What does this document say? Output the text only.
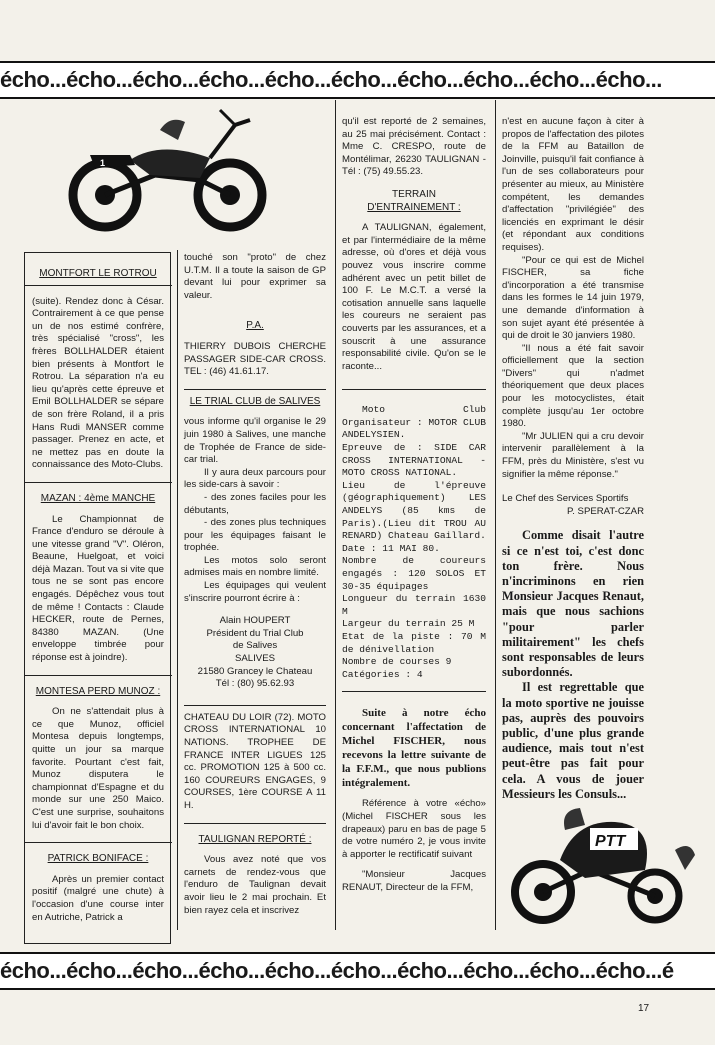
écho...écho...écho...écho...écho...écho...écho...écho...écho...écho...
1
MONTFORT LE ROTROU

(suite). Rendez donc à César. Contrairement à ce que pense un de nos estimé confrère, très spécialisé "cross", les frères BOLLHALDER étaient bien présents à Montfort le Rotrou. La séparation n'a eu lieu qu'après cette épreuve et Emil BOLLHALDER se sépare de son frère Roland, il a pris Hans Rudi MANSER comme passager. Prenez en acte, et ne mettez pas en doute la connaissance des Moto-Clubs.

MAZAN : 4ème MANCHE

Le Championnat de France d'enduro se déroule à une vitesse grand "V". Oléron, Beaune, Huelgoat, et voici déjà Mazan. Tout va si vite que tous ne se sont pas encore engagés. Dépêchez vous tout de même ! Contacts : Claude HECKER, route de Pernes, 84380 MAZAN. (Une enveloppe timbrée pour réponse est à joindre).

MONTESA PERD MUNOZ :

On ne s'attendait plus à ce que Munoz, officiel Montesa depuis longtemps, quitte un jour sa marque favorite. Pourtant c'est fait, Munoz disputera le championnat d'Espagne et du monde sur une 250 Maico. C'est une surprise, souhaitons lui d'avoir fait le bon choix.

PATRICK BONIFACE :

Après un premier contact positif (malgré une chute) à l'occasion d'une course inter en Autriche, Patrick a

touché son "proto" de chez U.T.M. Il a toute la saison de GP devant lui pour exprimer sa valeur.

P.A.

THIERRY DUBOIS CHERCHE PASSAGER SIDE-CAR CROSS. TEL : (46) 41.61.17.

LE TRIAL CLUB de SALIVES

vous informe qu'il organise le 29 juin 1980 à Salives, une manche de Trophée de France de side-car trial.

Il y aura deux parcours pour les side-cars à savoir :

- des zones faciles pour les débutants,

- des zones plus techniques pour les équipages faisant le trophée.

Les motos solo seront admises mais en nombre limité.

Les équipages qui veulent s'inscrire pourront écrire à :

Alain HOUPERT
Président du Trial Club
de Salives
SALIVES
21580 Grancey le Chateau
Tél : (80) 95.62.93

CHATEAU DU LOIR (72). MOTO CROSS INTERNATIONAL 10 NATIONS. TROPHEE DE FRANCE INTER LIGUES 125 cc. PROMOTION 125 à 500 cc. 160 COUREURS ENGAGES, 9 COURSES, 1ère COURSE A 11 H.

TAULIGNAN REPORTÉ :

Vous avez noté que vos carnets de rendez-vous que l'enduro de Taulignan devait avoir lieu le 2 mai prochain. Et bien rayez cela et inscrivez

qu'il est reporté de 2 semaines, au 25 mai précisément. Contact : Mme C. CRESPO, route de Montélimar, 26230 TAULIGNAN - Tél : (75) 49.55.23.

TERRAIN
D'ENTRAINEMENT :

A TAULIGNAN, également, et par l'intermédiaire de la même adresse, où d'ores et déjà vous pouvez vous inscrire comme adhérent avec un petit billet de 100 F. Le M.C.T. a versé la cotisation annuelle sans laquelle les coureurs ne seraient pas couverts par les assurances, et a souscrit à une assurance responsabilité civile. Qu'on se le raconte...

Moto Club Organisateur : MOTOR CLUB ANDELYSIEN.

Epreuve de : SIDE CAR CROSS INTERNATIONAL - MOTO CROSS NATIONAL.

Lieu de l'épreuve (géographiquement) LES ANDELYS (85 kms de Paris).(Lieu dit TROU AU RENARD) Chateau Gaillard.

Date : 11 MAI 80.

Nombre de coureurs engagés : 120 SOLOS ET 30-35 équipages

Longueur du terrain 1630 M

Largeur du terrain 25 M

Etat de la piste : 70 M de dénivellation

Nombre de courses 9

Catégories : 4

Suite à notre écho concernant l'affectation de Michel FISCHER, nous recevons la lettre suivante de la F.F.M., que nous publions intégralement.

Référence à votre «écho» (Michel FISCHER sous les drapeaux) paru en bas de page 5 de votre numéro 2, je vous invite à apporter le rectificatif suivant

"Monsieur Jacques RENAUT, Directeur de la FFM,

n'est en aucune façon à citer à propos de l'affectation des pilotes de la FFM au Bataillon de Joinville, puisqu'il fait confiance à l'un de ses collaborateurs pour présenter au mieux, au Ministère compétent, les demandes d'affectation "privilégiée" des licenciés en exprimant le désir (et répondant aux conditions requises).

"Pour ce qui est de Michel FISCHER, sa fiche d'incorporation a été transmise dans les formes le 14 juin 1979, une demande d'information à son sujet ayant été présentée à qui de droit le 30 janviers 1980.

"Il nous a été fait savoir officiellement que la section "Divers" qui n'admet théoriquement que deux places pour les motocyclistes, était complète jusqu'au 1er octobre 1980.

"Mr JULIEN qui a cru devoir intervenir parallèlement à la FFM, près du Ministère, s'est vu signifier la même réponse."

Le Chef des Services Sportifs

P. SPERAT-CZAR

Comme disait l'autre si ce n'est toi, c'est donc ton frère. Nous n'incriminons en rien Monsieur Jacques Renaut, mais que nous sachions "pour parler militairement" les chefs sont responsables de leurs subordonnés.

Il est regrettable que la moto sportive ne jouisse pas, auprès des pouvoirs public, d'une plus grande audience, mais tout n'est peut-être pas fait pour cela. A vous de jouer Messieurs les Consuls...

PTT
écho...écho...écho...écho...écho...écho...écho...écho...écho...écho...é
17
